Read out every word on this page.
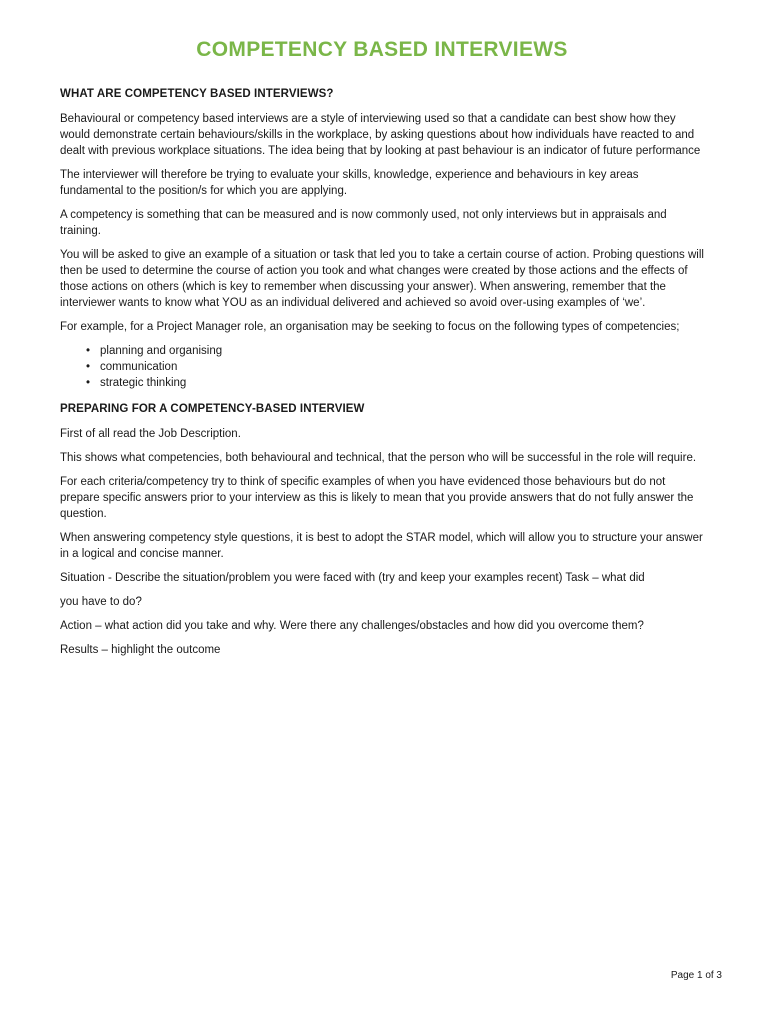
COMPETENCY BASED INTERVIEWS
WHAT ARE COMPETENCY BASED INTERVIEWS?

Behavioural or competency based interviews are a style of interviewing used so that a candidate can best show how they would demonstrate certain behaviours/skills in the workplace, by asking questions about how individuals have reacted to and dealt with previous workplace situations. The idea being that by looking at past behaviour is an indicator of future performance

The interviewer will therefore be trying to evaluate your skills, knowledge, experience and behaviours in key areas fundamental to the position/s for which you are applying.

A competency is something that can be measured and is now commonly used, not only interviews but in appraisals and training.

You will be asked to give an example of a situation or task that led you to take a certain course of action. Probing questions will then be used to determine the course of action you took and what changes were created by those actions and the effects of those actions on others (which is key to remember when discussing your answer). When answering, remember that the interviewer wants to know what YOU as an individual delivered and achieved so avoid over-using examples of ‘we’.

For example, for a Project Manager role, an organisation may be seeking to focus on the following types of competencies;

• planning and organising
• communication
• strategic thinking
PREPARING FOR A COMPETENCY-BASED INTERVIEW

First of all read the Job Description.

This shows what competencies, both behavioural and technical, that the person who will be successful in the role will require.

For each criteria/competency try to think of specific examples of when you have evidenced those behaviours but do not prepare specific answers prior to your interview as this is likely to mean that you provide answers that do not fully answer the question.

When answering competency style questions, it is best to adopt the STAR model, which will allow you to structure your answer in a logical and concise manner.

Situation - Describe the situation/problem you were faced with (try and keep your examples recent) Task – what did

you have to do?

Action – what action did you take and why. Were there any challenges/obstacles and how did you overcome them?

Results – highlight the outcome

Page 1 of 3
